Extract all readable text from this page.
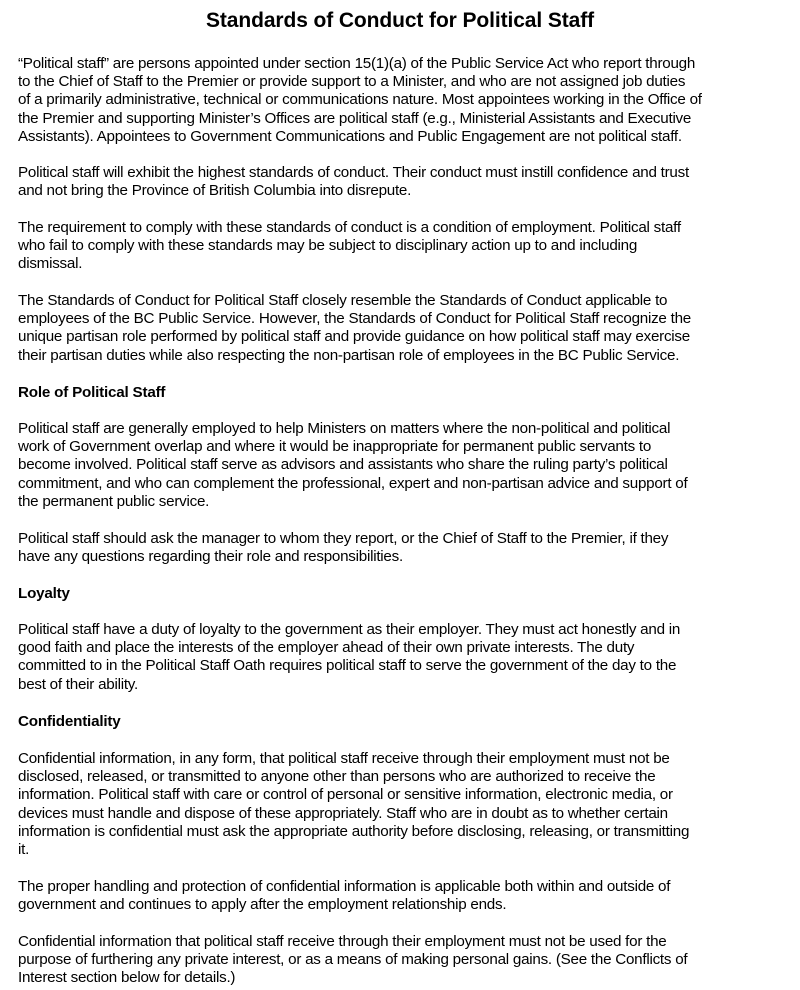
Standards of Conduct for Political Staff

“Political staff” are persons appointed under section 15(1)(a) of the Public Service Act who report through
to the Chief of Staff to the Premier or provide support to a Minister, and who are not assigned job duties
of a primarily administrative, technical or communications nature. Most appointees working in the Office of
the Premier and supporting Minister’s Offices are political staff (e.g., Ministerial Assistants and Executive
Assistants). Appointees to Government Communications and Public Engagement are not political staff.

Political staff will exhibit the highest standards of conduct. Their conduct must instill confidence and trust
and not bring the Province of British Columbia into disrepute.

The requirement to comply with these standards of conduct is a condition of employment. Political staff
who fail to comply with these standards may be subject to disciplinary action up to and including
dismissal.

The Standards of Conduct for Political Staff closely resemble the Standards of Conduct applicable to
employees of the BC Public Service. However, the Standards of Conduct for Political Staff recognize the
unique partisan role performed by political staff and provide guidance on how political staff may exercise
their partisan duties while also respecting the non-partisan role of employees in the BC Public Service.

Role of Political Staff

Political staff are generally employed to help Ministers on matters where the non-political and political
work of Government overlap and where it would be inappropriate for permanent public servants to
become involved. Political staff serve as advisors and assistants who share the ruling party’s political
commitment, and who can complement the professional, expert and non-partisan advice and support of
the permanent public service.

Political staff should ask the manager to whom they report, or the Chief of Staff to the Premier, if they
have any questions regarding their role and responsibilities.

Loyalty

Political staff have a duty of loyalty to the government as their employer. They must act honestly and in
good faith and place the interests of the employer ahead of their own private interests. The duty
committed to in the Political Staff Oath requires political staff to serve the government of the day to the
best of their ability.

Confidentiality

Confidential information, in any form, that political staff receive through their employment must not be
disclosed, released, or transmitted to anyone other than persons who are authorized to receive the
information. Political staff with care or control of personal or sensitive information, electronic media, or
devices must handle and dispose of these appropriately. Staff who are in doubt as to whether certain
information is confidential must ask the appropriate authority before disclosing, releasing, or transmitting
it.

The proper handling and protection of confidential information is applicable both within and outside of
government and continues to apply after the employment relationship ends.

Confidential information that political staff receive through their employment must not be used for the
purpose of furthering any private interest, or as a means of making personal gains. (See the Conflicts of
Interest section below for details.)
